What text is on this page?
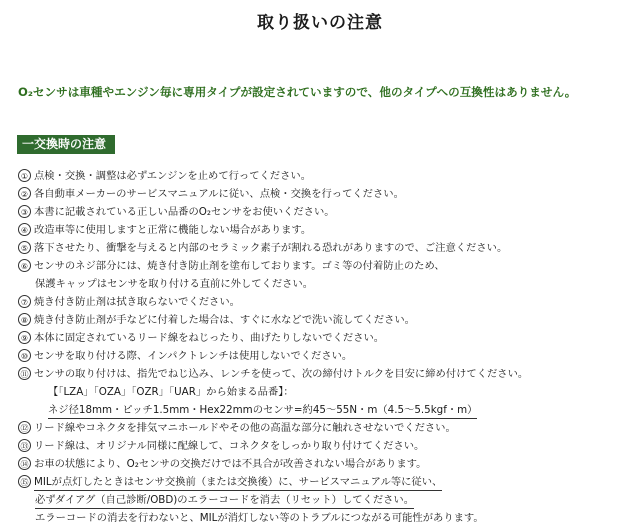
取り扱いの注意
O₂センサは車種やエンジン毎に専用タイプが設定されていますので、他のタイプへの互換性はありません。
一交換時の注意
① 点検・交換・調整は必ずエンジンを止めて行ってください。
② 各自動車メーカーのサービスマニュアルに従い、点検・交換を行ってください。
③ 本書に記載されている正しい品番のO₂センサをお使いください。
④ 改造車等に使用しますと正常に機能しない場合があります。
⑤ 落下させたり、衝撃を与えると内部のセラミック素子が割れる恐れがありますので、ご注意ください。
⑥ センサのネジ部分には、焼き付き防止剤を塗布しております。ゴミ等の付着防止のため、
保護キャップはセンサを取り付ける直前に外してください。
⑦ 焼き付き防止剤は拭き取らないでください。
⑧ 焼き付き防止剤が手などに付着した場合は、すぐに水などで洗い流してください。
⑨ 本体に固定されているリード線をねじったり、曲げたりしないでください。
⑩ センサを取り付ける際、インパクトレンチは使用しないでください。
⑪ センサの取り付けは、指先でねじ込み、レンチを使って、次の締付けトルクを目安に締め付けてください。
【「LZA」「OZA」「OZR」「UAR」から始まる品番】：
ネジ径18mm・ピッチ1.5mm・Hex22mmのセンサ=約45〜55N・m（4.5〜5.5kgf・m）
⑫ リード線やコネクタを排気マニホールドやその他の高温な部分に触れさせないでください。
⑬ リード線は、オリジナル同様に配線して、コネクタをしっかり取り付けてください。
⑭ お車の状態により、O₂センサの交換だけでは不具合が改善されない場合があります。
⑮ MILが点灯したときはセンサ交換前（または交換後）に、サービスマニュアル等に従い、
必ずダイアグ（自己診断/OBD)のエラーコードを消去（リセット）してください。
エラーコードの消去を行わないと、MILが消灯しない等のトラブルにつながる可能性があります。
